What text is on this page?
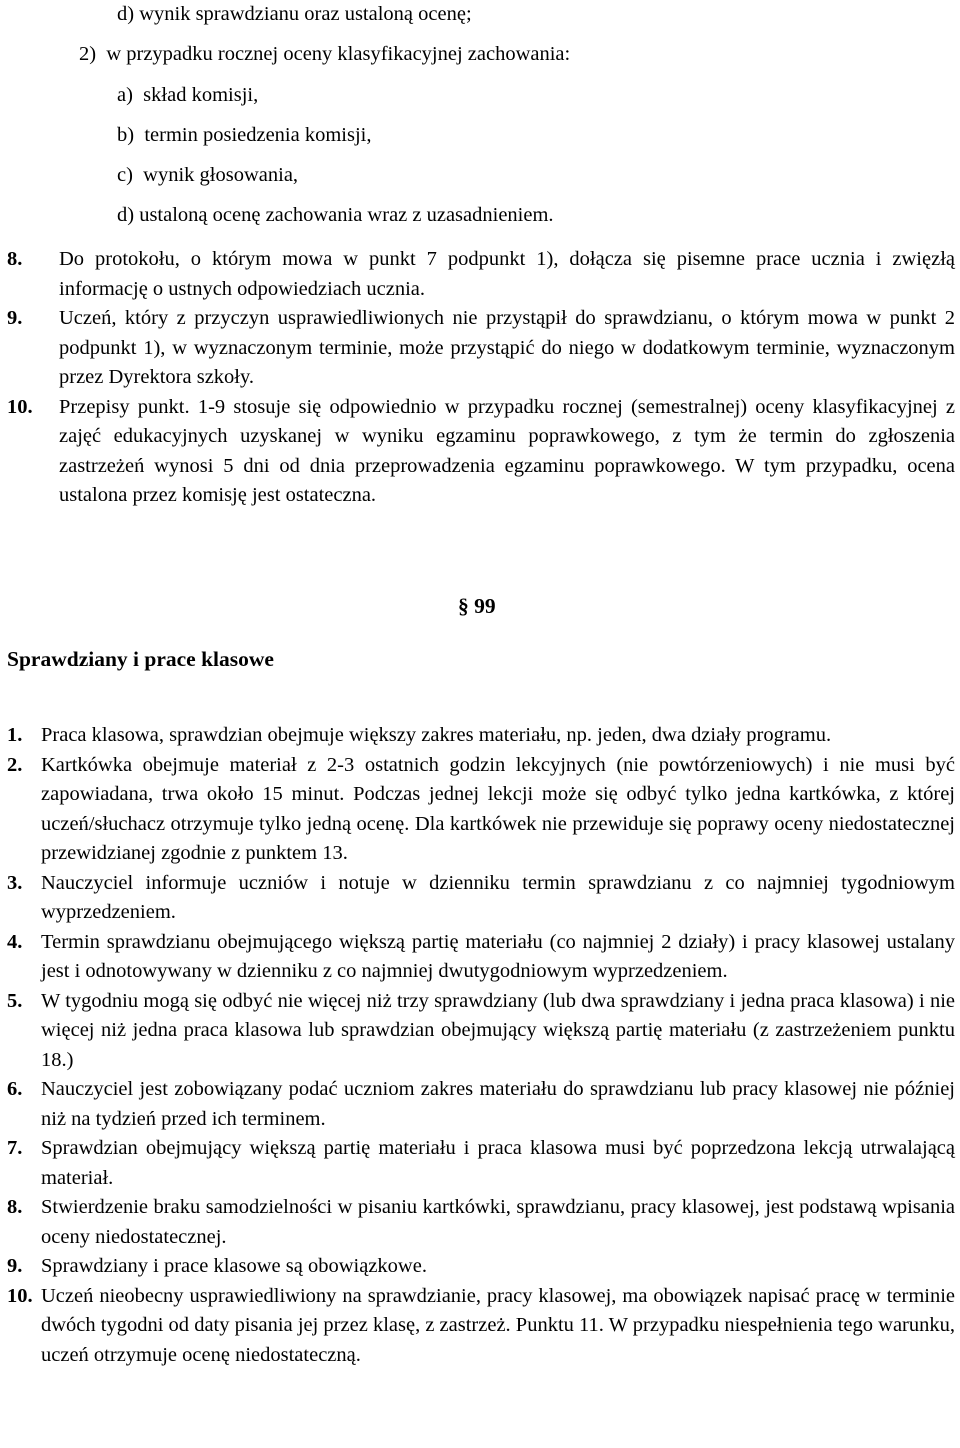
d) wynik sprawdzianu oraz ustaloną ocenę;
2)  w przypadku rocznej oceny klasyfikacyjnej zachowania:
a)  skład komisji,
b)  termin posiedzenia komisji,
c)  wynik głosowania,
d) ustaloną ocenę zachowania wraz z uzasadnieniem.
8.	Do protokołu, o którym mowa w punkt 7 podpunkt 1), dołącza się pisemne prace ucznia i zwięzłą informację o ustnych odpowiedziach ucznia.
9.	Uczeń, który z przyczyn usprawiedliwionych nie przystąpił do sprawdzianu, o którym mowa w punkt 2 podpunkt 1), w wyznaczonym terminie, może przystąpić do niego w dodatkowym terminie, wyznaczonym przez Dyrektora szkoły.
10.	Przepisy punkt. 1-9 stosuje się odpowiednio w przypadku rocznej (semestralnej) oceny klasyfikacyjnej z zajęć edukacyjnych uzyskanej w wyniku egzaminu poprawkowego, z tym że termin do zgłoszenia zastrzeżeń wynosi 5 dni od dnia przeprowadzenia egzaminu poprawkowego. W tym przypadku, ocena ustalona przez komisję jest ostateczna.
§ 99
Sprawdziany i prace klasowe
1. Praca klasowa, sprawdzian obejmuje większy zakres materiału, np. jeden, dwa działy programu.
2. Kartkówka obejmuje materiał z 2-3 ostatnich godzin lekcyjnych (nie powtórzeniowych) i nie musi być zapowiadana, trwa około 15 minut. Podczas jednej lekcji może się odbyć tylko jedna kartkówka, z której uczeń/słuchacz otrzymuje tylko jedną ocenę. Dla kartkówek nie przewiduje się poprawy oceny niedostatecznej przewidzianej zgodnie z punktem 13.
3. Nauczyciel informuje uczniów i notuje w dzienniku termin sprawdzianu z co najmniej tygodniowym wyprzedzeniem.
4. Termin sprawdzianu obejmującego większą partię materiału (co najmniej 2 działy) i pracy klasowej ustalany jest i odnotowywany w dzienniku z co najmniej dwutygodniowym wyprzedzeniem.
5. W tygodniu mogą się odbyć nie więcej niż trzy sprawdziany (lub dwa sprawdziany i jedna praca klasowa) i nie więcej niż jedna praca klasowa lub sprawdzian obejmujący większą partię materiału (z zastrzeżeniem punktu 18.)
6. Nauczyciel jest zobowiązany podać uczniom zakres materiału do sprawdzianu lub pracy klasowej nie później niż na tydzień przed ich terminem.
7. Sprawdzian obejmujący większą partię materiału i praca klasowa musi być poprzedzona lekcją utrwalającą materiał.
8. Stwierdzenie braku samodzielności w pisaniu kartkówki, sprawdzianu, pracy klasowej, jest podstawą wpisania oceny niedostatecznej.
9. Sprawdziany i prace klasowe są obowiązkowe.
10. Uczeń nieobecny usprawiedliwiony na sprawdzianie, pracy klasowej, ma obowiązek napisać pracę w terminie dwóch tygodni od daty pisania jej przez klasę, z zastrzeż. Punktu 11. W przypadku niespełnienia tego warunku, uczeń otrzymuje ocenę niedostateczną.
